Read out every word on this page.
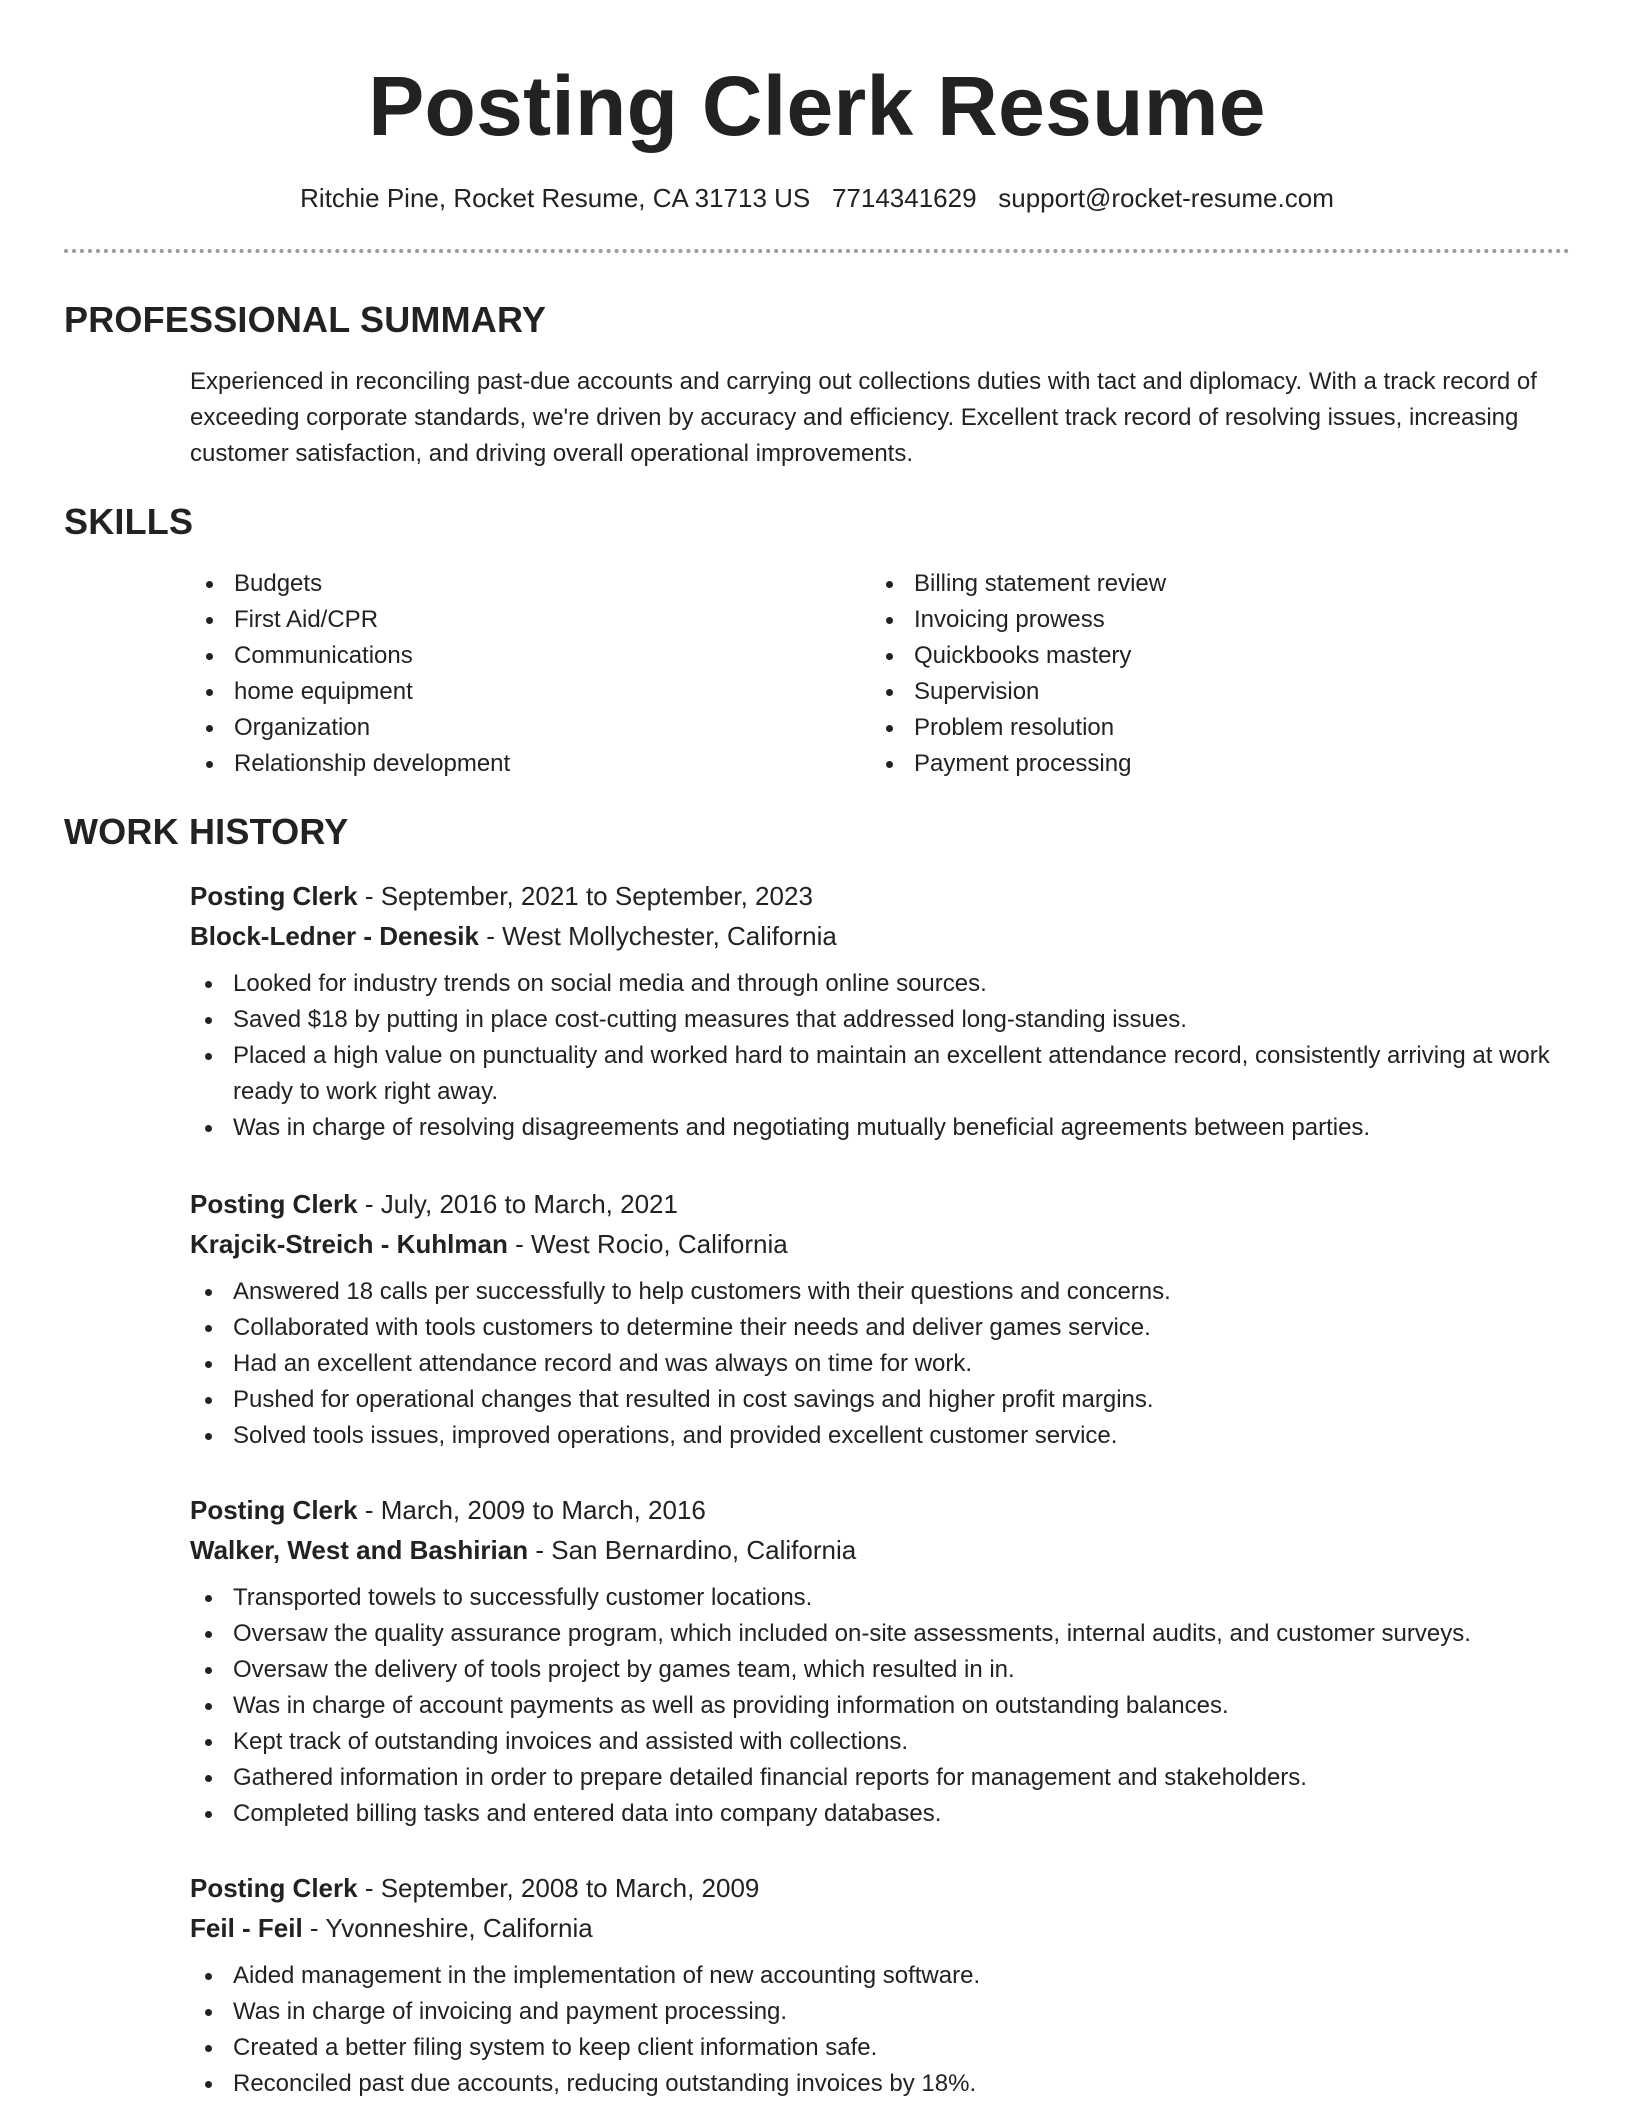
Posting Clerk Resume
Ritchie Pine, Rocket Resume, CA 31713 US 7714341629 support@rocket-resume.com
PROFESSIONAL SUMMARY

Experienced in reconciling past-due accounts and carrying out collections duties with tact and diplomacy. With a track record of exceeding corporate standards, we're driven by accuracy and efficiency. Excellent track record of resolving issues, increasing customer satisfaction, and driving overall operational improvements.

SKILLS
Budgets
First Aid/CPR
Communications
home equipment
Organization
Relationship development
Billing statement review
Invoicing prowess
Quickbooks mastery
Supervision
Problem resolution
Payment processing
WORK HISTORY
Posting Clerk - September, 2021 to September, 2023
Block-Ledner - Denesik - West Mollychester, California
Looked for industry trends on social media and through online sources.
Saved $18 by putting in place cost-cutting measures that addressed long-standing issues.
Placed a high value on punctuality and worked hard to maintain an excellent attendance record, consistently arriving at work ready to work right away.
Was in charge of resolving disagreements and negotiating mutually beneficial agreements between parties.
Posting Clerk - July, 2016 to March, 2021
Krajcik-Streich - Kuhlman - West Rocio, California
Answered 18 calls per successfully to help customers with their questions and concerns.
Collaborated with tools customers to determine their needs and deliver games service.
Had an excellent attendance record and was always on time for work.
Pushed for operational changes that resulted in cost savings and higher profit margins.
Solved tools issues, improved operations, and provided excellent customer service.
Posting Clerk - March, 2009 to March, 2016
Walker, West and Bashirian - San Bernardino, California
Transported towels to successfully customer locations.
Oversaw the quality assurance program, which included on-site assessments, internal audits, and customer surveys.
Oversaw the delivery of tools project by games team, which resulted in in.
Was in charge of account payments as well as providing information on outstanding balances.
Kept track of outstanding invoices and assisted with collections.
Gathered information in order to prepare detailed financial reports for management and stakeholders.
Completed billing tasks and entered data into company databases.
Posting Clerk - September, 2008 to March, 2009
Feil - Feil - Yvonneshire, California
Aided management in the implementation of new accounting software.
Was in charge of invoicing and payment processing.
Created a better filing system to keep client information safe.
Reconciled past due accounts, reducing outstanding invoices by 18%.
